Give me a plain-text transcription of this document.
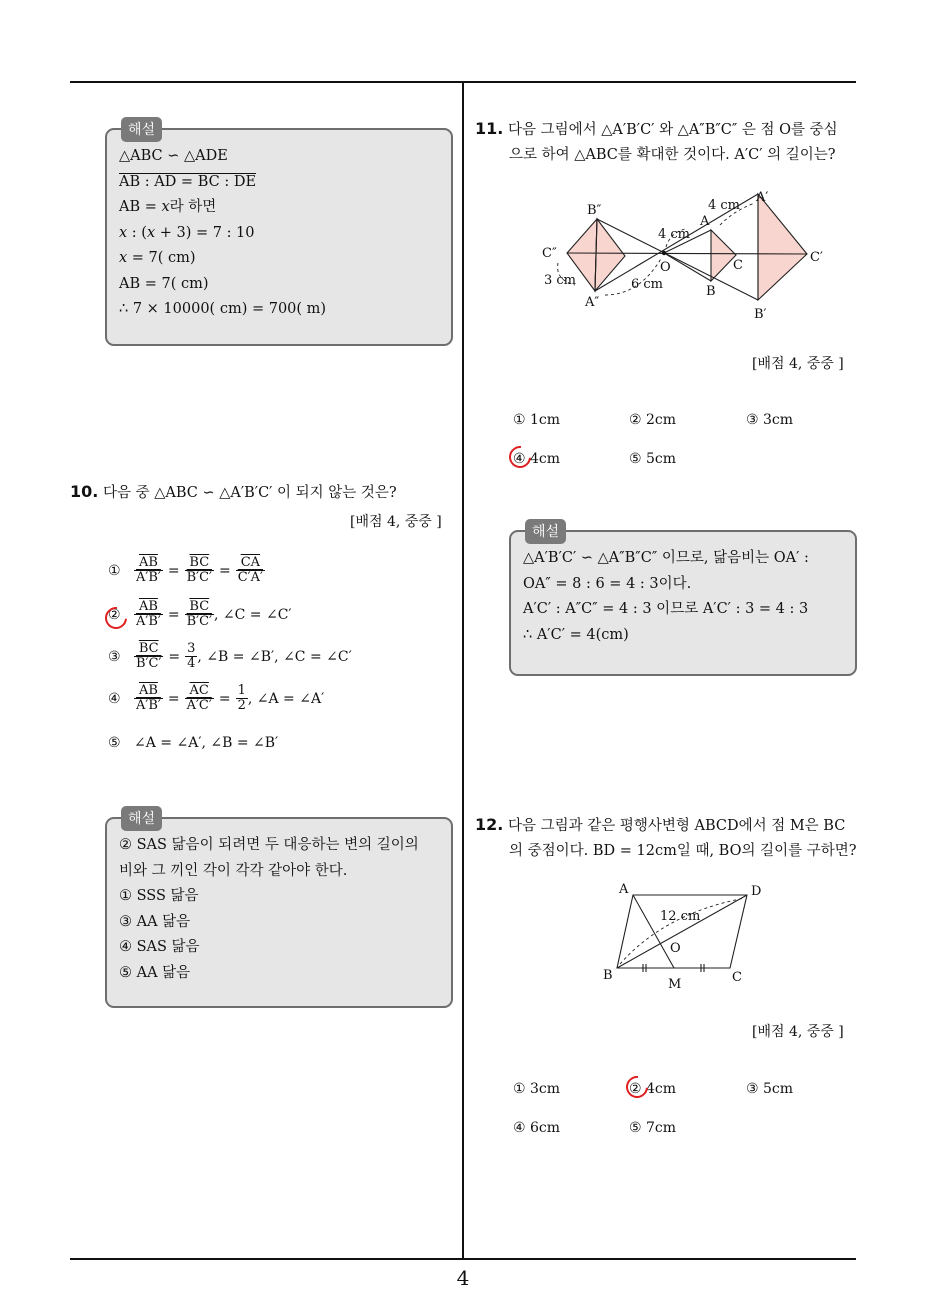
4
해설
△ABC ∽ △ADE
AB : AD = BC : DE
AB = 𝑥라 하면
𝑥 : (𝑥 + 3) = 7 : 10
𝑥 = 7( cm)
AB = 7( cm)
∴ 7 × 10000( cm) = 700( m)
10. 다음 중 △ABC ∽ △A′B′C′ 이 되지 않는 것은?
[배점 4, 중중 ]
①	$\frac{\overline{AB}}{A'B'} = \frac{\overline{BC}}{B'C'} = \frac{\overline{CA}}{C'A'}$
②	$\frac{\overline{AB}}{A'B'} = \frac{\overline{BC}}{B'C'}$ , ∠C = ∠C′
③	$\frac{\overline{BC}}{B'C'} = \frac{3}{4}$ , ∠B = ∠B′, ∠C = ∠C′
④	$\frac{\overline{AB}}{A'B'} = \frac{\overline{AC}}{A'C'} = \frac{1}{2}$ , ∠A = ∠A′
⑤ ∠A = ∠A′, ∠B = ∠B′
해설
② SAS 닮음이 되려면 두 대응하는 변의 길이의
비와 그 끼인 각이 각각 같아야 한다.
① SSS 닮음
③ AA 닮음
④ SAS 닮음
⑤ AA 닮음
11. 다음 그림에서 △A′B′C′ 와 △A″B″C″ 은 점 O를 중심
으로 하여 △ABC를 확대한 것이다. A′C′ 의 길이는?
B″
C″
A″
3 cm	6 cm
4 cm
4 cm
O
A
B
C
A′
B′
C′
[배점 4, 중중 ]
① 1cm	② 2cm	③ 3cm
④ 4cm	⑤ 5cm
해설
△A′B′C′ ∽ △A″B″C″ 이므로, 닮음비는 OA′ :
OA″ = 8 : 6 = 4 : 3이다.
A′C′ : A″C″ = 4 : 3 이므로 A′C′ : 3 = 4 : 3
∴ A′C′ = 4(cm)
12. 다음 그림과 같은 평행사변형 ABCD에서 점 M은 BC
의 중점이다. BD = 12cm일 때, BO의 길이를 구하면?
A	D
B	C
O
M
12 cm
[배점 4, 중중 ]
① 3cm	② 4cm	③ 5cm
④ 6cm	⑤ 7cm
